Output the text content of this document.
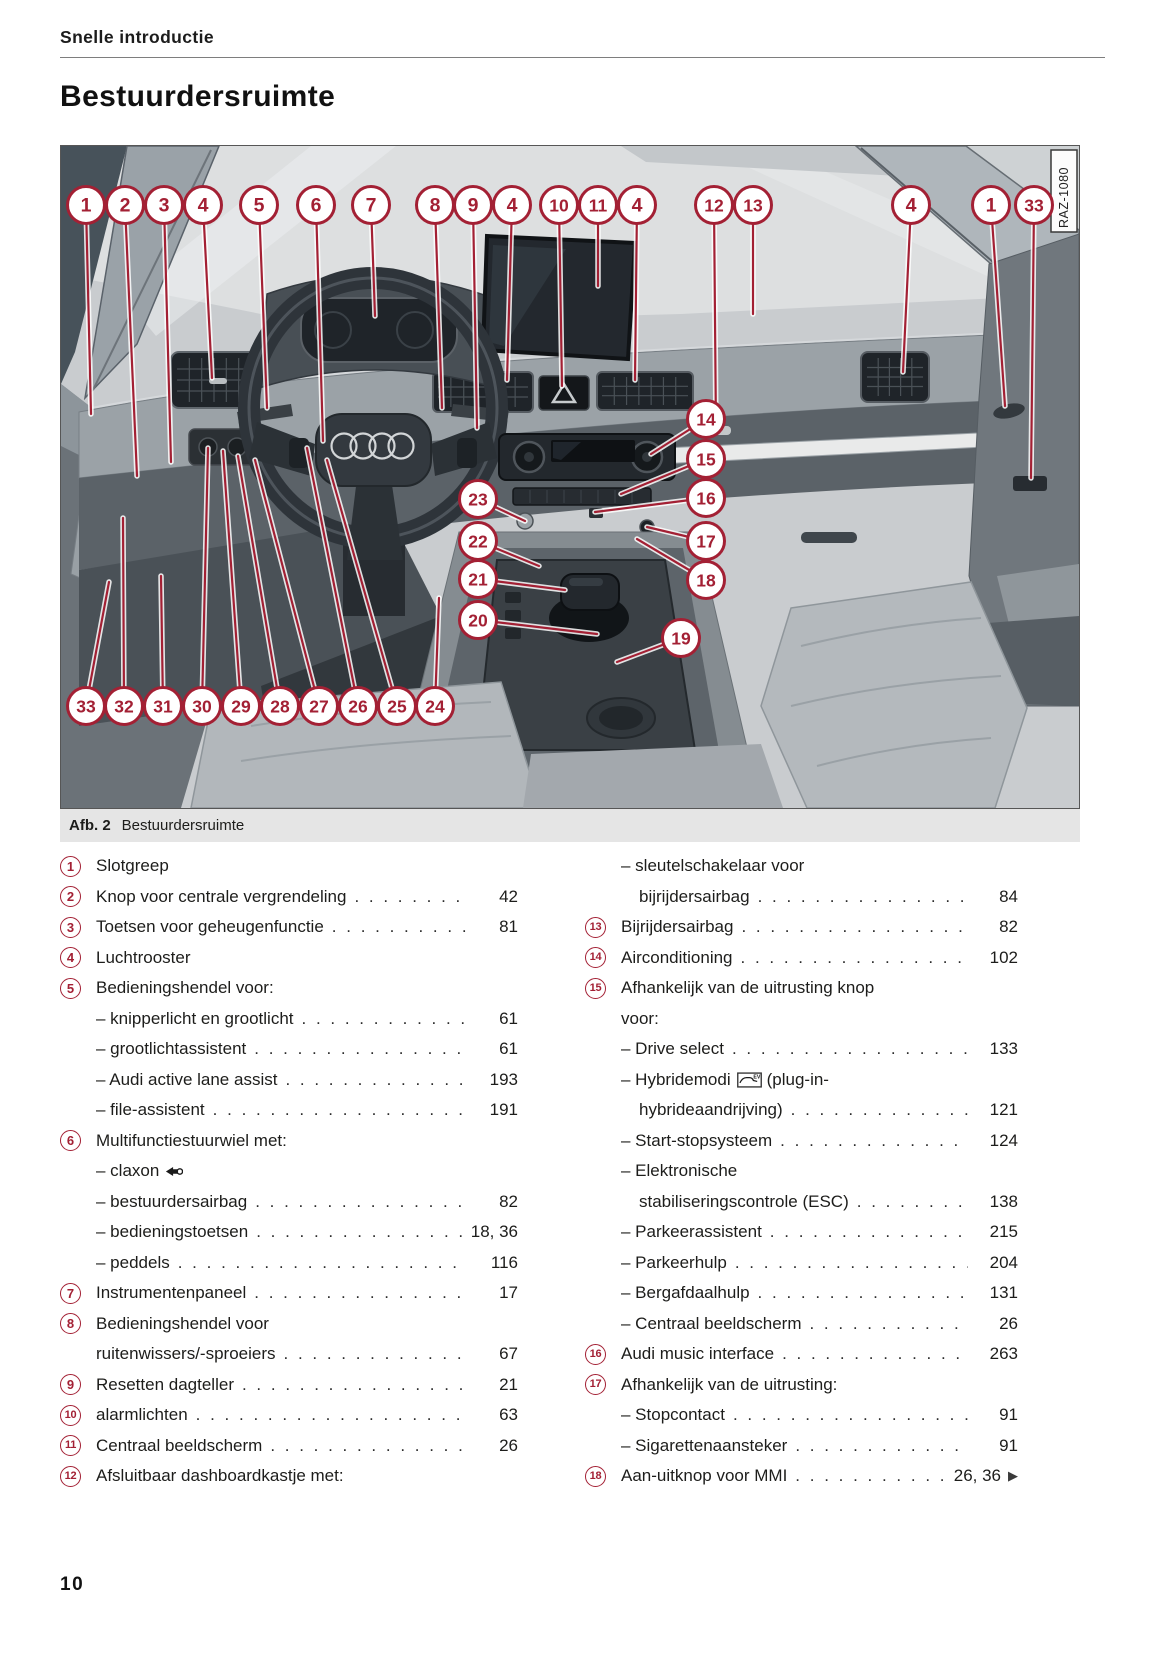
Snelle introductie
Bestuurdersruimte
RAZ-1080
1 2 3 4 5 6 7	8 9 4 10 11 4	12 13	4	1 33
14
15
16
17
18
19
23
22
21
20
33 32 31 30 29 28 27 26 25 24
Afb. 2 Bestuurdersruimte
1	Slotgreep
2	Knop voor centrale vergrendeling . . .	42
3	Toetsen voor geheugenfunctie . . .	81
4	Luchtrooster
5	Bedieningshendel voor:
– knipperlicht en grootlicht . . .	61
– grootlichtassistent . . .	61
– Audi active lane assist . . .	193
– file-assistent . . .	191
6	Multifunctiestuurwiel met:
– claxon
– bestuurdersairbag . . .	82
– bedieningstoetsen . . .	18, 36
– peddels . . .	116
7	Instrumentenpaneel . . .	17
8	Bedieningshendel voor
ruitenwissers/-sproeiers . . .	67
9	Resetten dagteller . . .	21
10 alarmlichten . . .	63
11 Centraal beeldscherm . . .	26
12 Afsluitbaar dashboardkastje met:
– sleutelschakelaar voor
bijrijdersairbag . . .	84
13 Bijrijdersairbag . . .	82
14 Airconditioning . . .	102
15 Afhankelijk van de uitrusting knop
voor:
– Drive select . . .	133
– Hybridemodi	EV (plug-in-
hybrideaandrijving) . . .	121
– Start-stopsysteem . . .	124
– Elektronische
stabiliseringscontrole (ESC) . . .	138
– Parkeerassistent . . .	215
– Parkeerhulp . . .	204
– Bergafdaalhulp . . .	131
– Centraal beeldscherm . . .	26
16 Audi music interface . . .	263
17 Afhankelijk van de uitrusting:
– Stopcontact . . .	91
– Sigarettenaansteker . . .	91
18 Aan-uitknop voor MMI . . .	26, 36 ▶
10
